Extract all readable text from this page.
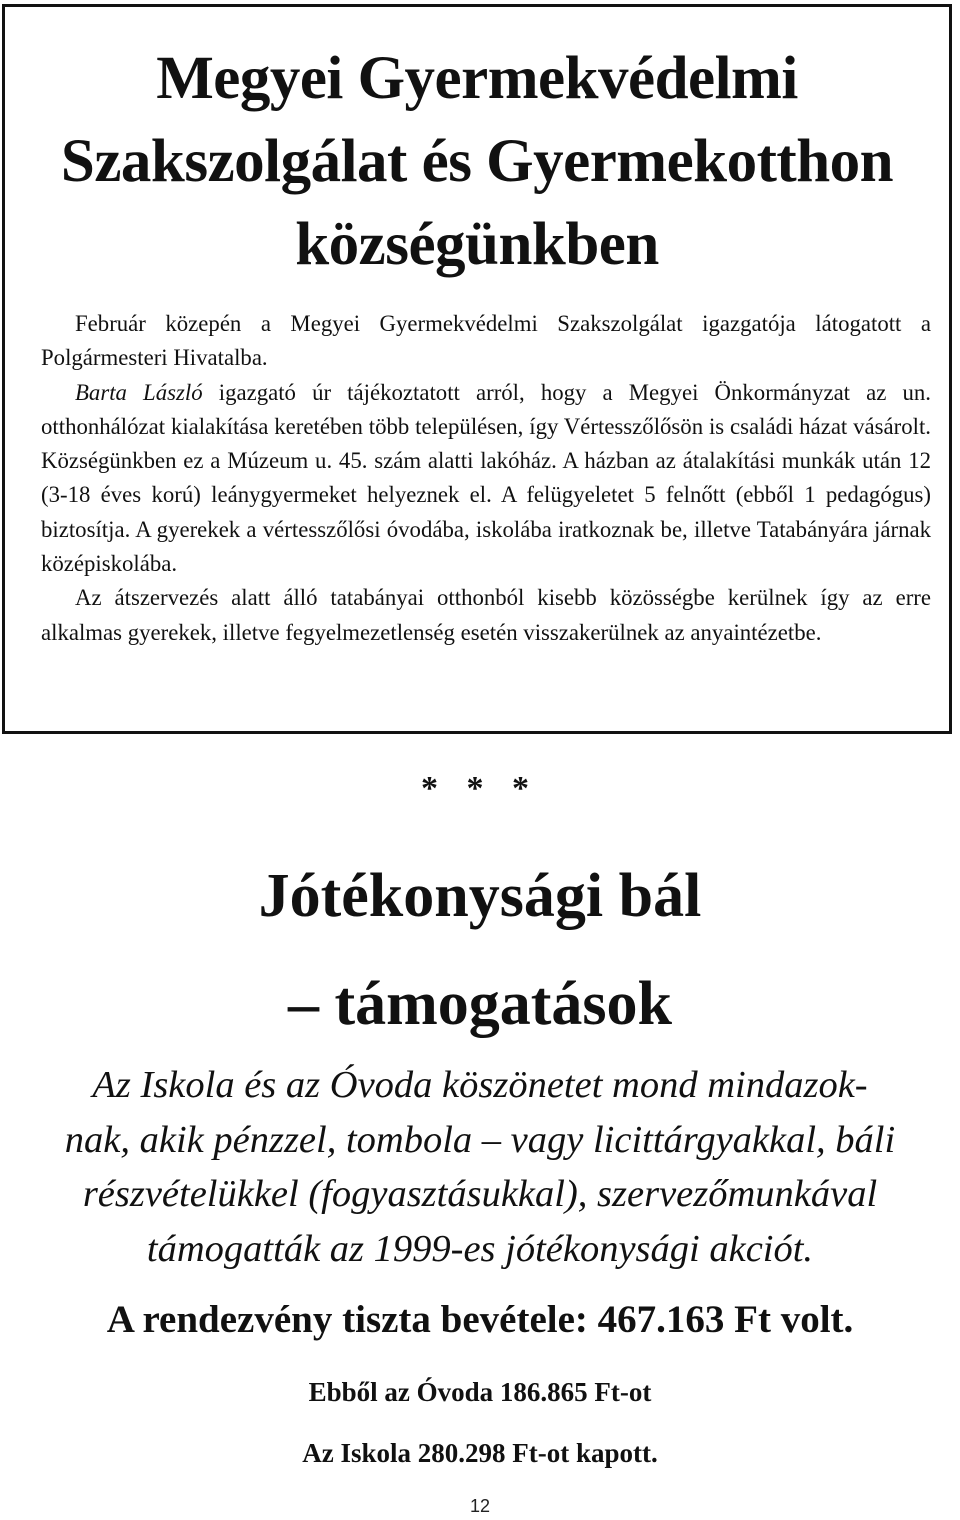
Megyei Gyermekvédelmi
Szakszolgálat és Gyermekotthon
községünkben

Február közepén a Megyei Gyermekvédelmi Szakszolgálat igazgatója látogatott a Polgármesteri Hivatalba.

Barta László igazgató úr tájékoztatott arról, hogy a Megyei Önkormányzat az un. otthonhálózat kialakítása keretében több településen, így Vértesszőlősön is családi házat vásárolt. Községünkben ez a Múzeum u. 45. szám alatti lakóház. A házban az átalakítási munkák után 12 (3-18 éves korú) leánygyermeket helyeznek el. A felügyeletet 5 felnőtt (ebből 1 pedagógus) biztosítja. A gyerekek a vértesszőlősi óvodába, iskolába iratkoznak be, illetve Tatabányára járnak középiskolába.

Az átszervezés alatt álló tatabányai otthonból kisebb közösségbe kerülnek így az erre alkalmas gyerekek, illetve fegyelmezetlenség esetén visszakerülnek az anyaintézetbe.

* * *
Jótékonysági bál
– támogatások
Az Iskola és az Óvoda köszönetet mond mindazok-
nak, akik pénzzel, tombola – vagy licittárgyakkal, báli
részvételükkel (fogyasztásukkal), szervezőmunkával
támogatták az 1999-es jótékonysági akciót.
A rendezvény tiszta bevétele: 467.163 Ft volt.
Ebből az Óvoda 186.865 Ft-ot
Az Iskola 280.298 Ft-ot kapott.
12
